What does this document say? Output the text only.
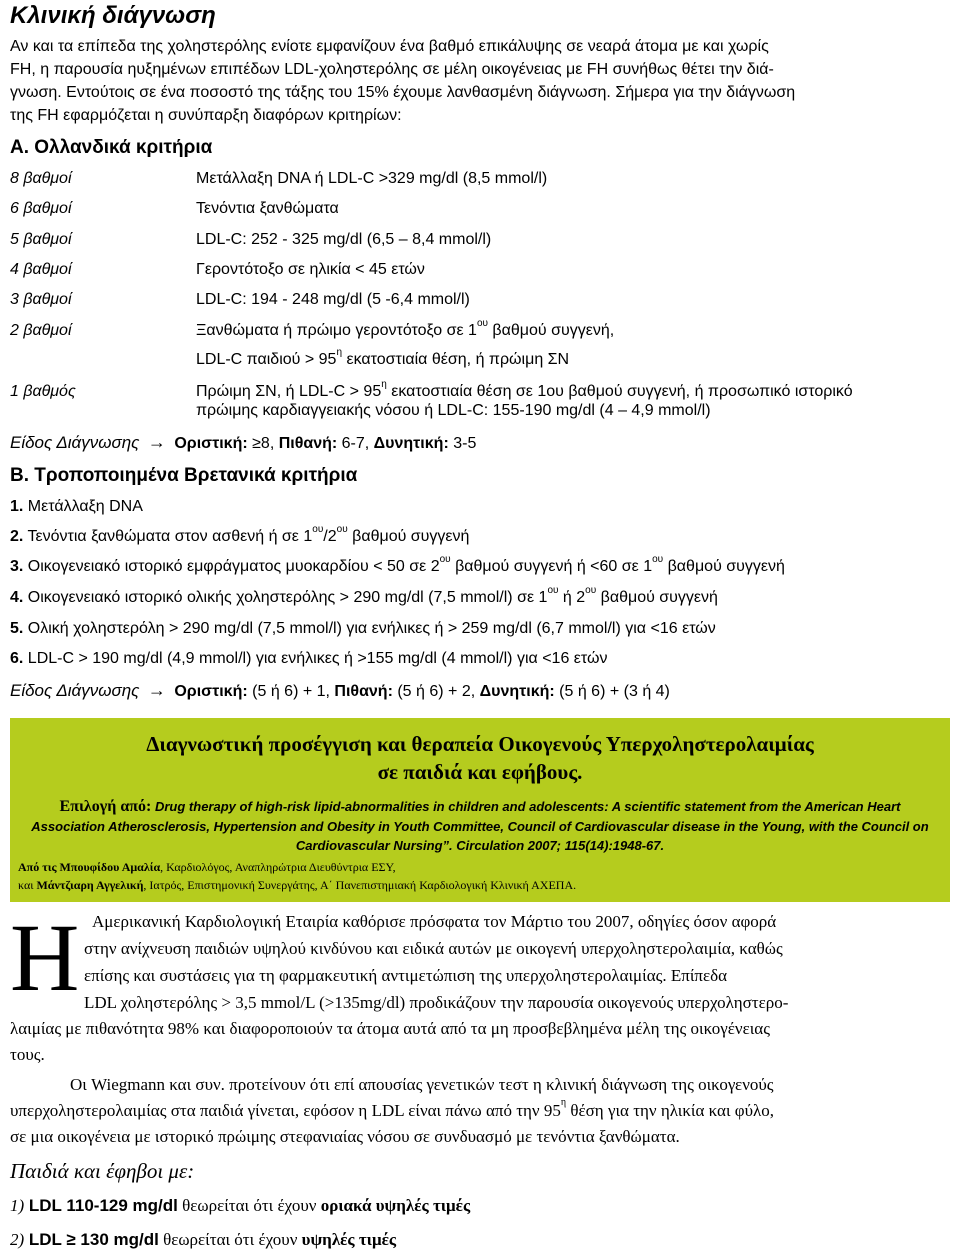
Κλινική διάγνωση
Αν και τα επίπεδα της χοληστερόλης ενίοτε εμφανίζουν ένα βαθμό επικάλυψης σε νεαρά άτομα με και χωρίς
FH, η παρουσία ηυξημένων επιπέδων LDL-χοληστερόλης σε μέλη οικογένειας με FH συνήθως θέτει την διά-
γνωση. Εντούτοις σε ένα ποσοστό της τάξης του 15% έχουμε λανθασμένη διάγνωση. Σήμερα για την διάγνωση
της FH εφαρμόζεται η συνύπαρξη διαφόρων κριτηρίων:
Α. Ολλανδικά κριτήρια
8 βαθμοί	Μετάλλαξη DNA ή LDL-C >329 mg/dl (8,5 mmol/l)
6 βαθμοί	Τενόντια ξανθώματα
5 βαθμοί	LDL-C: 252 - 325 mg/dl (6,5 – 8,4 mmol/l)
4 βαθμοί	Γεροντότοξο σε ηλικία < 45 ετών
3 βαθμοί	LDL-C: 194 - 248 mg/dl (5 -6,4 mmol/l)
2 βαθμοί	Ξανθώματα ή πρώιμο γεροντότοξο σε $1^{o\upsilon}$ βαθμού συγγενή,
LDL-C $\pi\alpha\iota\delta\iota oύ > 95^\eta$ εκατοστιαία θέση, ή πρώιμη ΣΝ
1 βαθμός	Πρώιμη ΣΝ, ή $LDL-C > 95^\eta$ εκατοστιαία θέση σε 1ου βαθμού συγγενή, ή προσωπικό ιστορικό
πρώιμης καρδιαγγειακής νόσου ή LDL-C: 155-190 mg/dl (4 – 4,9 mmol/l)
Είδος Διάγνωσης → Οριστική: ≥8, Πιθανή: 6-7, Δυνητική: 3-5
Β. Τροποποιημένα Βρετανικά κριτήρια
1. Μετάλλαξη DNA
2. Τενόντια ξανθώματα στον ασθενή ή σε $1^{o\upsilon}/2^{o\upsilon}$ βαθμού συγγενή
3. Οικογενειακό ιστορικό εμφράγματος μυοκαρδίου < 50 σε $2^{o\upsilon}$ βαθμού συγγενή ή <60 σε $1^{o\upsilon}$ βαθμού συγγενή
4. Οικογενειακό ιστορικό ολικής χοληστερόλης > 290 mg/dl (7,5 mmol/l) σε $1^{o\upsilon}$ ή $2^{o\upsilon}$ βαθμού συγγενή
5. Ολική χοληστερόλη > 290 mg/dl (7,5 mmol/l) για ενήλικες ή > 259 mg/dl (6,7 mmol/l) για <16 ετών
6. LDL-C > 190 mg/dl (4,9 mmol/l) για ενήλικες ή >155 mg/dl (4 mmol/l) για <16 ετών
Είδος Διάγνωσης → Οριστική: (5 ή 6) + 1, Πιθανή: (5 ή 6) + 2, Δυνητική: (5 ή 6) + (3 ή 4)
Διαγνωστική προσέγγιση και θεραπεία Οικογενούς Υπερχοληστερολαιμίας
σε παιδιά και εφήβους.
Επιλογή από: Drug therapy of high-risk lipid-abnormalities in children and adolescents: A scientific statement from the American Heart
Association Atherosclerosis, Hypertension and Obesity in Youth Committee, Council of Cardiovascular disease in the Young, with the Council on
Cardiovascular Nursing”. Circulation 2007; 115(14):1948-67.
Από τις Μπουφίδου Αμαλία, Καρδιολόγος, Αναπληρώτρια Διευθύντρια ΕΣΥ,
και Μάντζιαρη Αγγελική, Ιατρός, Επιστημονική Συνεργάτης, Α΄ Πανεπιστημιακή Καρδιολογική Κλινική ΑΧΕΠΑ.
Η Αμερικανική Καρδιολογική Εταιρία καθόρισε πρόσφατα τον Μάρτιο του 2007, οδηγίες όσον αφορά
στην ανίχνευση παιδιών υψηλού κινδύνου και ειδικά αυτών με οικογενή υπερχοληστερολαιμία, καθώς
επίσης και συστάσεις για τη φαρμακευτική αντιμετώπιση της υπερχοληστερολαιμίας. Επίπεδα
LDL χοληστερόλης > 3,5 mmol/L (>135mg/dl) προδικάζουν την παρουσία οικογενούς υπερχοληστερο-
λαιμίας με πιθανότητα 98% και διαφοροποιούν τα άτομα αυτά από τα μη προσβεβλημένα μέλη της οικογένειας
τους.
Οι Wiegmann και συν. προτείνουν ότι επί απουσίας γενετικών τεστ η κλινική διάγνωση της οικογενούς
υπερχοληστερολαιμίας στα παιδιά γίνεται, εφόσον η LDL είναι πάνω από την $95^\eta$ θέση για την ηλικία και φύλο,
σε μια οικογένεια με ιστορικό πρώιμης στεφανιαίας νόσου σε συνδυασμό με τενόντια ξανθώματα.
Παιδιά και έφηβοι με:
1) LDL 110-129 mg/dl θεωρείται ότι έχουν οριακά υψηλές τιμές
2) LDL ≥ 130 mg/dl θεωρείται ότι έχουν υψηλές τιμές
